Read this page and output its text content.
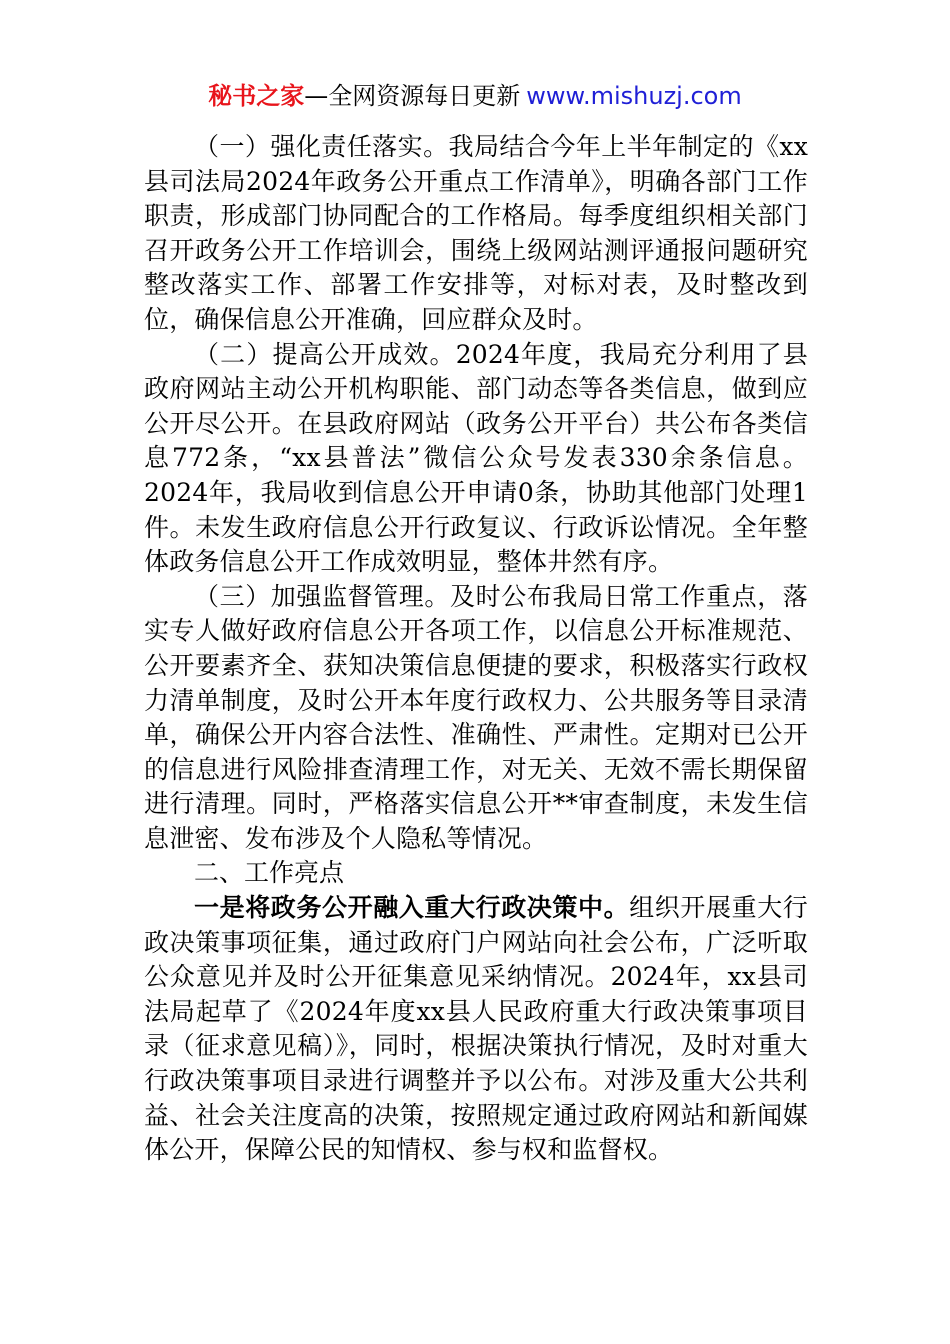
秘书之家—全网资源每日更新 www.mishuzj.com

（一）强化责任落实。我局结合今年上半年制定的《xx县司法局2024年政务公开重点工作清单》，明确各部门工作职责，形成部门协同配合的工作格局。每季度组织相关部门召开政务公开工作培训会，围绕上级网站测评通报问题研究整改落实工作、部署工作安排等，对标对表，及时整改到位，确保信息公开准确，回应群众及时。

（二）提高公开成效。2024年度，我局充分利用了县政府网站主动公开机构职能、部门动态等各类信息，做到应公开尽公开。在县政府网站（政务公开平台）共公布各类信息772条，“xx县普法”微信公众号发表330余条信息。2024年，我局收到信息公开申请0条，协助其他部门处理1件。未发生政府信息公开行政复议、行政诉讼情况。全年整体政务信息公开工作成效明显，整体井然有序。

（三）加强监督管理。及时公布我局日常工作重点，落实专人做好政府信息公开各项工作，以信息公开标准规范、公开要素齐全、获知决策信息便捷的要求，积极落实行政权力清单制度，及时公开本年度行政权力、公共服务等目录清单，确保公开内容合法性、准确性、严肃性。定期对已公开的信息进行风险排查清理工作，对无关、无效不需长期保留进行清理。同时，严格落实信息公开**审查制度，未发生信息泄密、发布涉及个人隐私等情况。

二、工作亮点

一是将政务公开融入重大行政决策中。组织开展重大行政决策事项征集，通过政府门户网站向社会公布，广泛听取公众意见并及时公开征集意见采纳情况。2024年，xx县司法局起草了《2024年度xx县人民政府重大行政决策事项目录（征求意见稿）》，同时，根据决策执行情况，及时对重大行政决策事项目录进行调整并予以公布。对涉及重大公共利益、社会关注度高的决策，按照规定通过政府网站和新闻媒体公开，保障公民的知情权、参与权和监督权。
